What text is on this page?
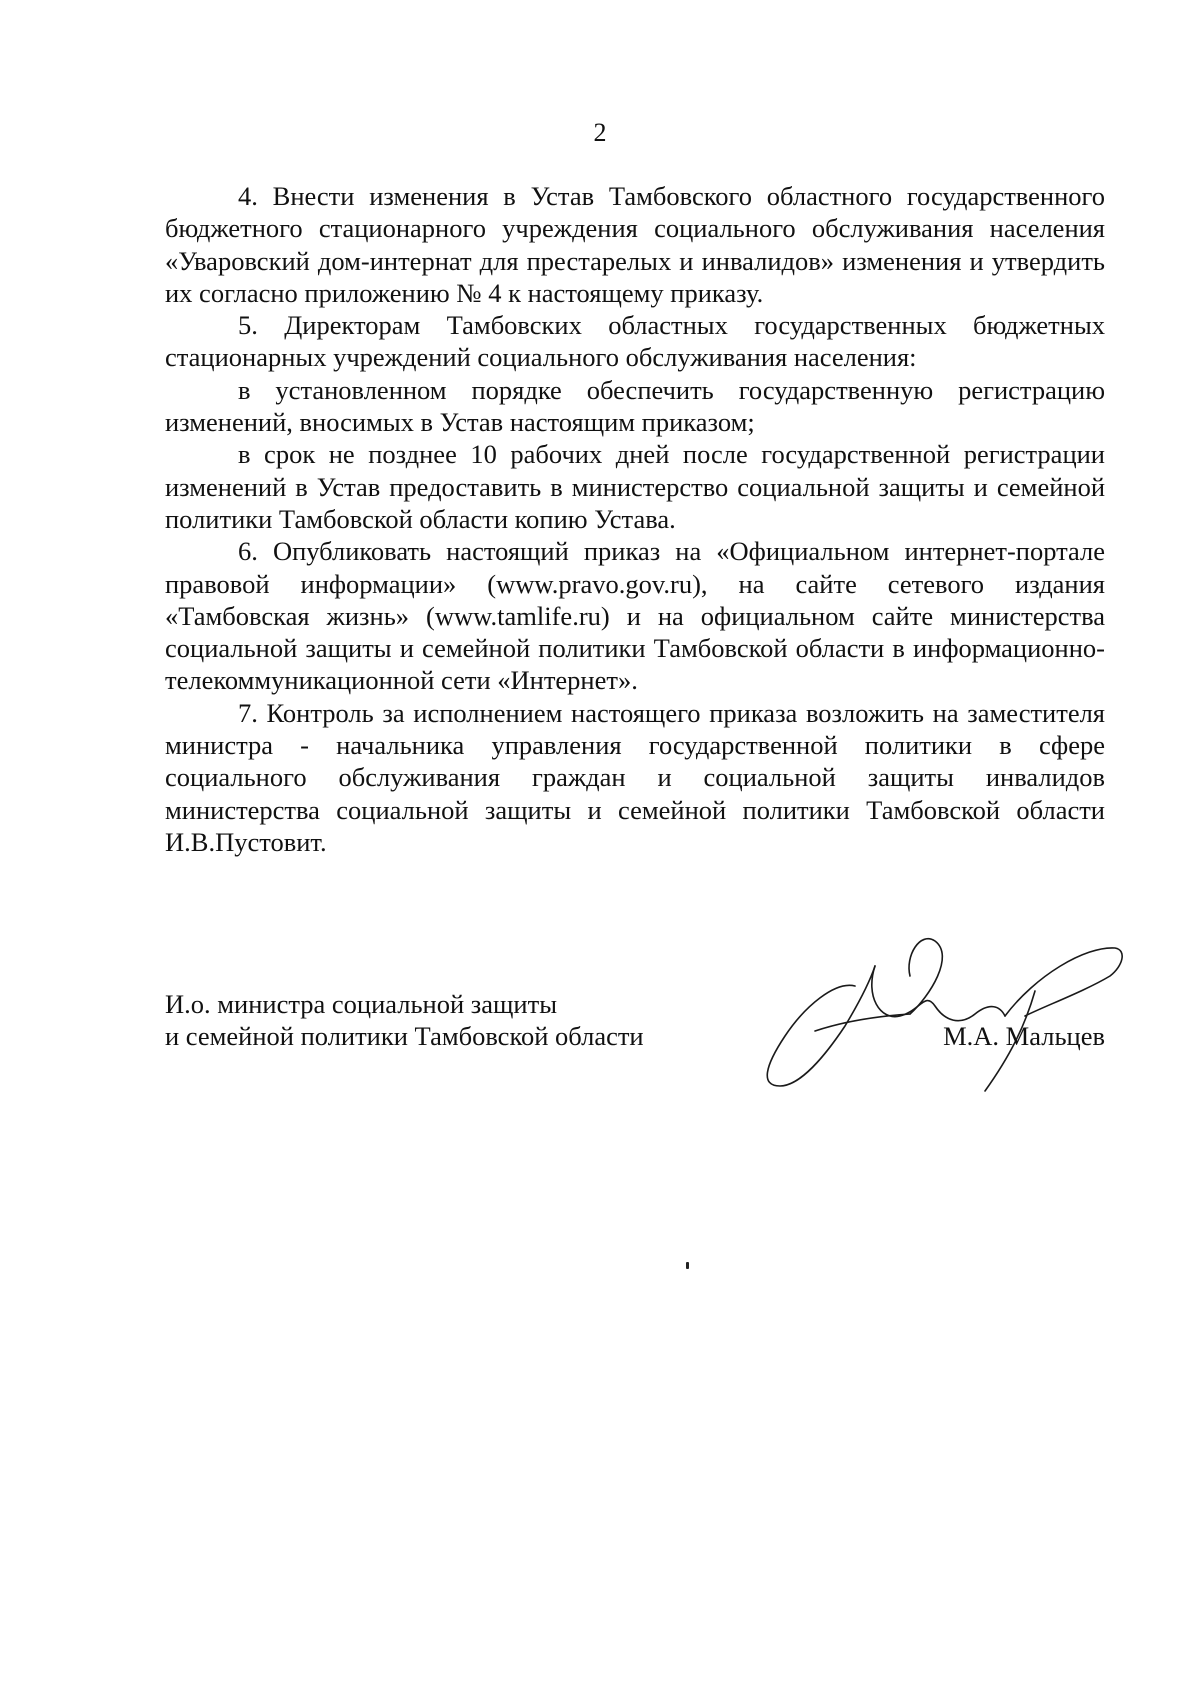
2

4. Внести изменения в Устав Тамбовского областного государственного бюджетного стационарного учреждения социального обслуживания населения «Уваровский дом-интернат для престарелых и инвалидов» изменения и утвердить их согласно приложению № 4 к настоящему приказу.

5. Директорам Тамбовских областных государственных бюджетных стационарных учреждений социального обслуживания населения:

в установленном порядке обеспечить государственную регистрацию изменений, вносимых в Устав настоящим приказом;

в срок не позднее 10 рабочих дней после государственной регистрации изменений в Устав предоставить в министерство социальной защиты и семейной политики Тамбовской области копию Устава.

6. Опубликовать настоящий приказ на «Официальном интернет-портале правовой информации» (www.pravo.gov.ru), на сайте сетевого издания «Тамбовская жизнь» (www.tamlife.ru) и на официальном сайте министерства социальной защиты и семейной политики Тамбовской области в информационно-телекоммуникационной сети «Интернет».

7. Контроль за исполнением настоящего приказа возложить на заместителя министра - начальника управления государственной политики в сфере социального обслуживания граждан и социальной защиты инвалидов министерства социальной защиты и семейной политики Тамбовской области И.В.Пустовит.

И.о. министра социальной защиты
и семейной политики Тамбовской области	М.А. Мальцев
